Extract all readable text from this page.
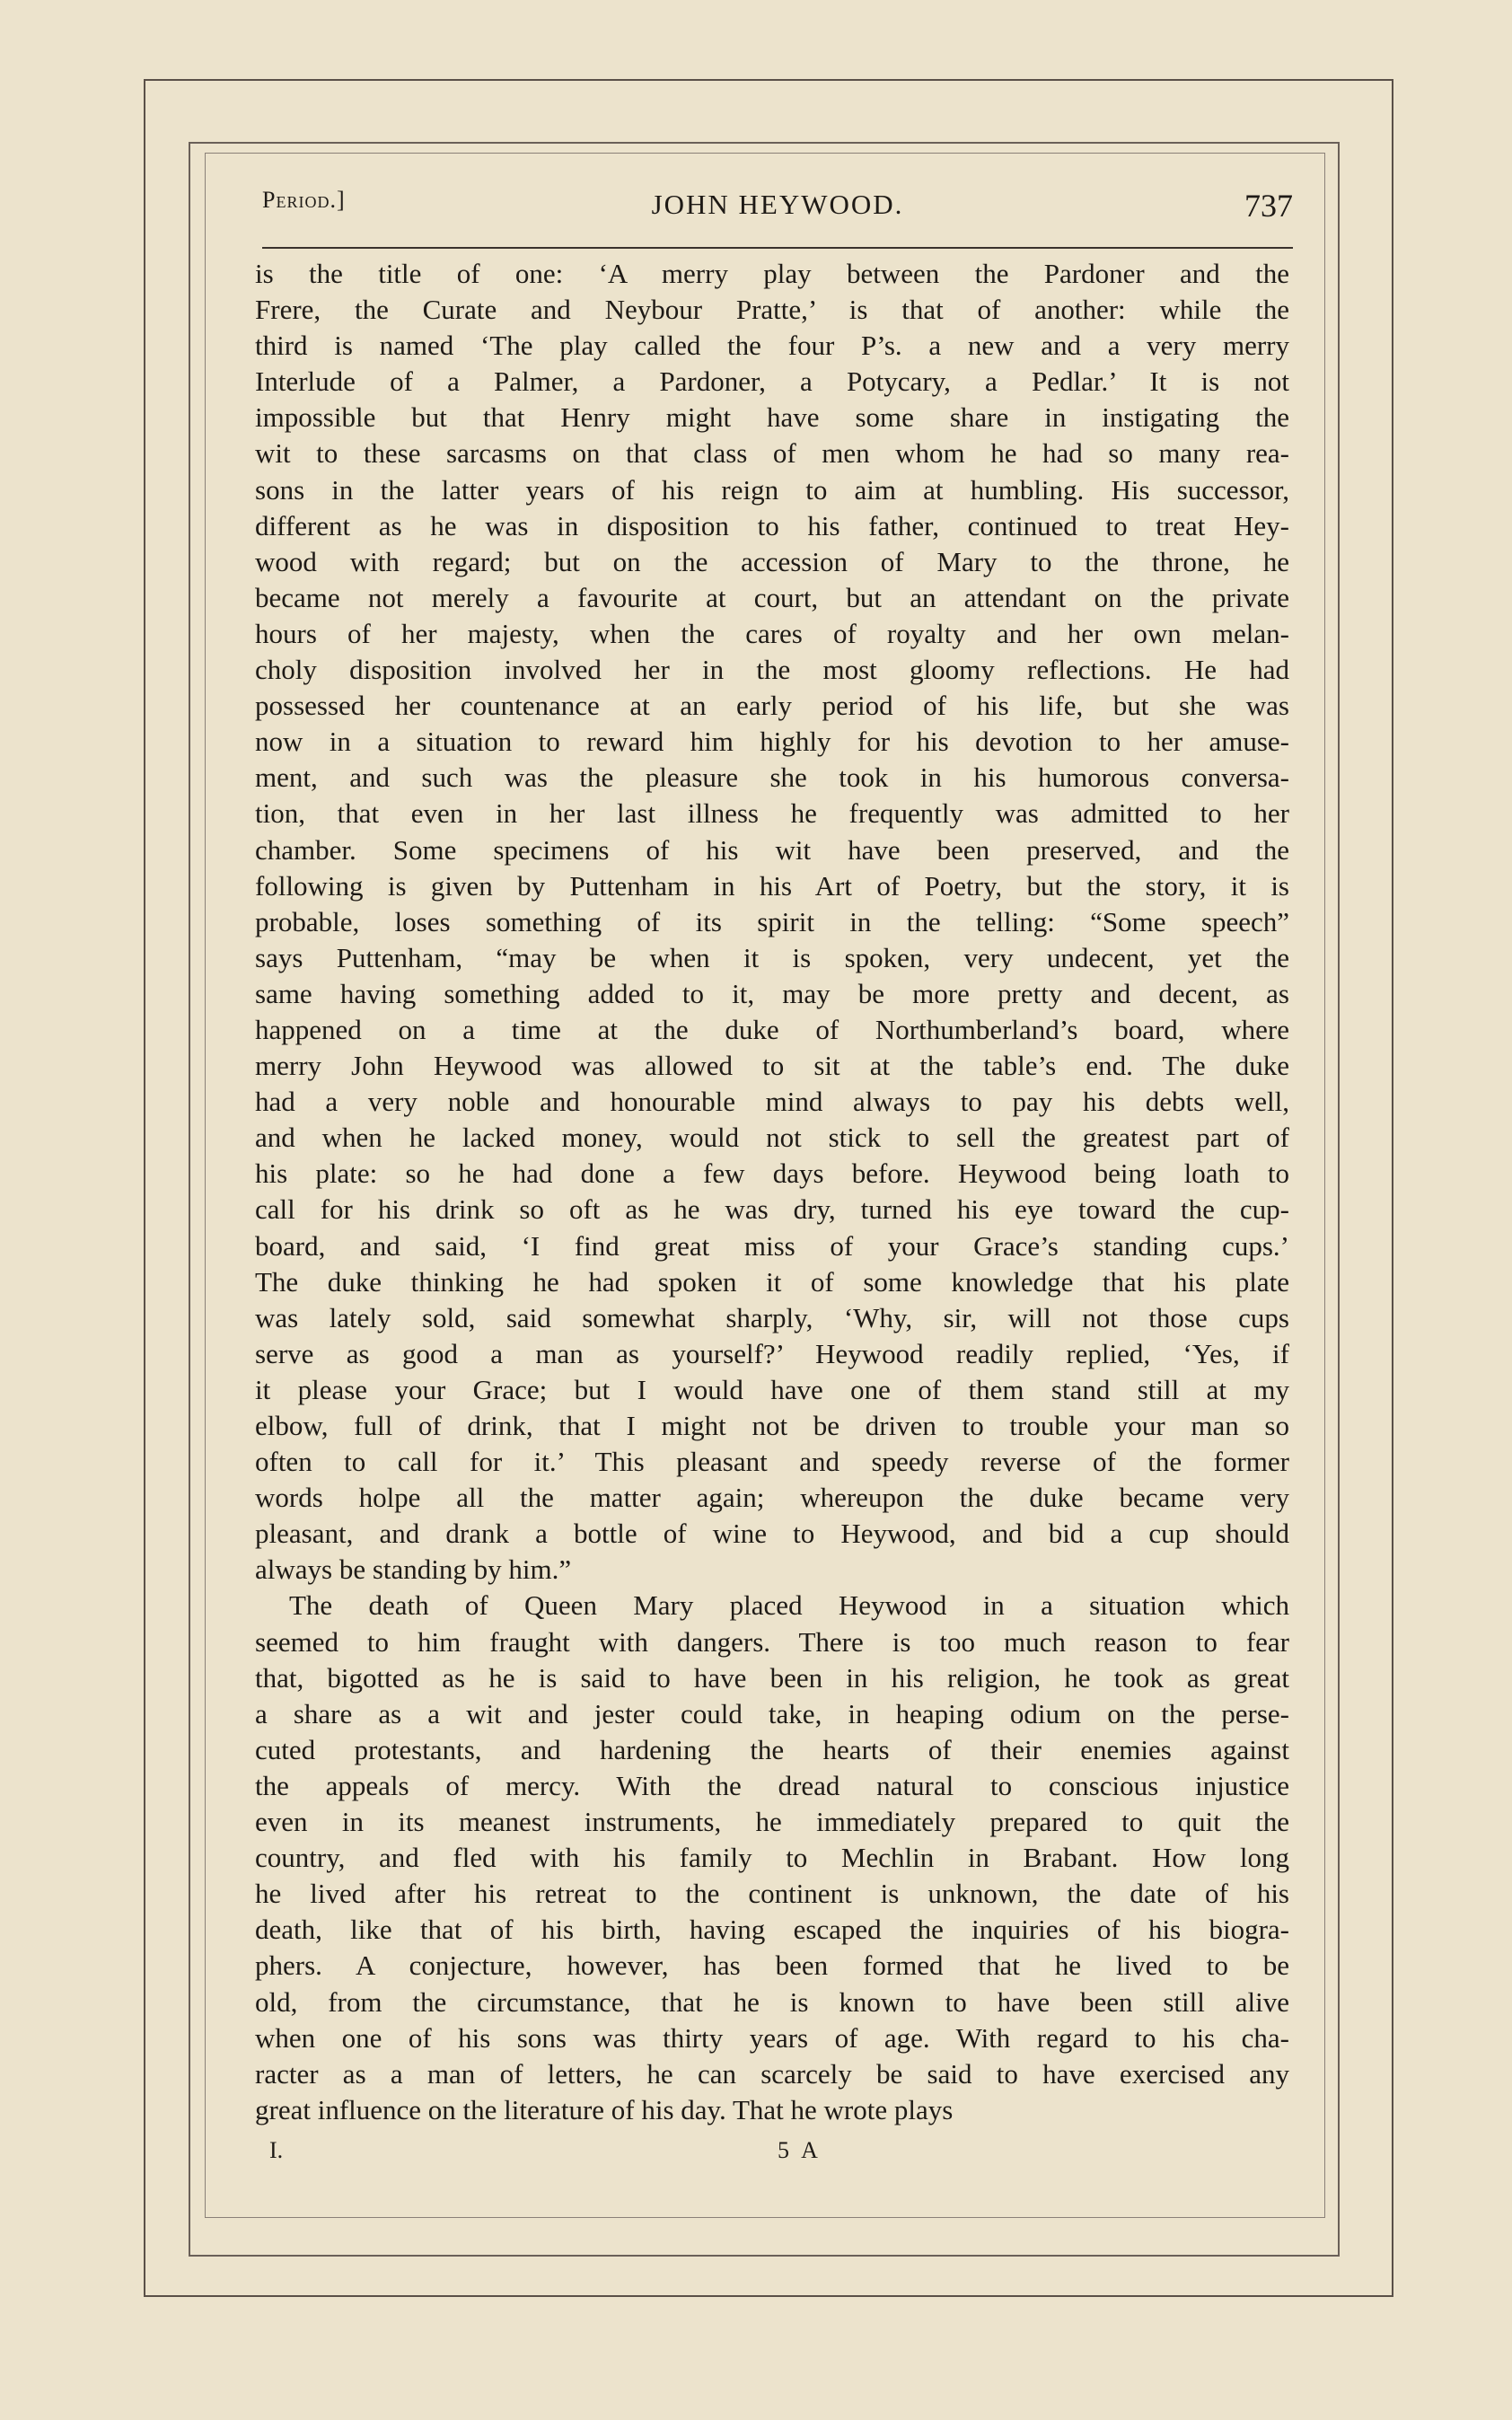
Period.]	JOHN HEYWOOD.	737
is the title of one: ‘A merry play between the Pardoner and the
Frere, the Curate and Neybour Pratte,’ is that of another: while the
third is named ‘The play called the four P’s. a new and a very merry
Interlude of a Palmer, a Pardoner, a Potycary, a Pedlar.’ It is not
impossible but that Henry might have some share in instigating the
wit to these sarcasms on that class of men whom he had so many rea-
sons in the latter years of his reign to aim at humbling. His successor,
different as he was in disposition to his father, continued to treat Hey-
wood with regard; but on the accession of Mary to the throne, he
became not merely a favourite at court, but an attendant on the private
hours of her majesty, when the cares of royalty and her own melan-
choly disposition involved her in the most gloomy reflections. He had
possessed her countenance at an early period of his life, but she was
now in a situation to reward him highly for his devotion to her amuse-
ment, and such was the pleasure she took in his humorous conversa-
tion, that even in her last illness he frequently was admitted to her
chamber. Some specimens of his wit have been preserved, and the
following is given by Puttenham in his Art of Poetry, but the story, it is
probable, loses something of its spirit in the telling: “Some speech”
says Puttenham, “may be when it is spoken, very undecent, yet the
same having something added to it, may be more pretty and decent, as
happened on a time at the duke of Northumberland’s board, where
merry John Heywood was allowed to sit at the table’s end. The duke
had a very noble and honourable mind always to pay his debts well,
and when he lacked money, would not stick to sell the greatest part of
his plate: so he had done a few days before. Heywood being loath to
call for his drink so oft as he was dry, turned his eye toward the cup-
board, and said, ‘I find great miss of your Grace’s standing cups.’
The duke thinking he had spoken it of some knowledge that his plate
was lately sold, said somewhat sharply, ‘Why, sir, will not those cups
serve as good a man as yourself?’ Heywood readily replied, ‘Yes, if
it please your Grace; but I would have one of them stand still at my
elbow, full of drink, that I might not be driven to trouble your man so
often to call for it.’ This pleasant and speedy reverse of the former
words holpe all the matter again; whereupon the duke became very
pleasant, and drank a bottle of wine to Heywood, and bid a cup should
always be standing by him.”
The death of Queen Mary placed Heywood in a situation which
seemed to him fraught with dangers. There is too much reason to fear
that, bigotted as he is said to have been in his religion, he took as great
a share as a wit and jester could take, in heaping odium on the perse-
cuted protestants, and hardening the hearts of their enemies against
the appeals of mercy. With the dread natural to conscious injustice
even in its meanest instruments, he immediately prepared to quit the
country, and fled with his family to Mechlin in Brabant. How long
he lived after his retreat to the continent is unknown, the date of his
death, like that of his birth, having escaped the inquiries of his biogra-
phers. A conjecture, however, has been formed that he lived to be
old, from the circumstance, that he is known to have been still alive
when one of his sons was thirty years of age. With regard to his cha-
racter as a man of letters, he can scarcely be said to have exercised any
great influence on the literature of his day. That he wrote plays
I.	5 A
